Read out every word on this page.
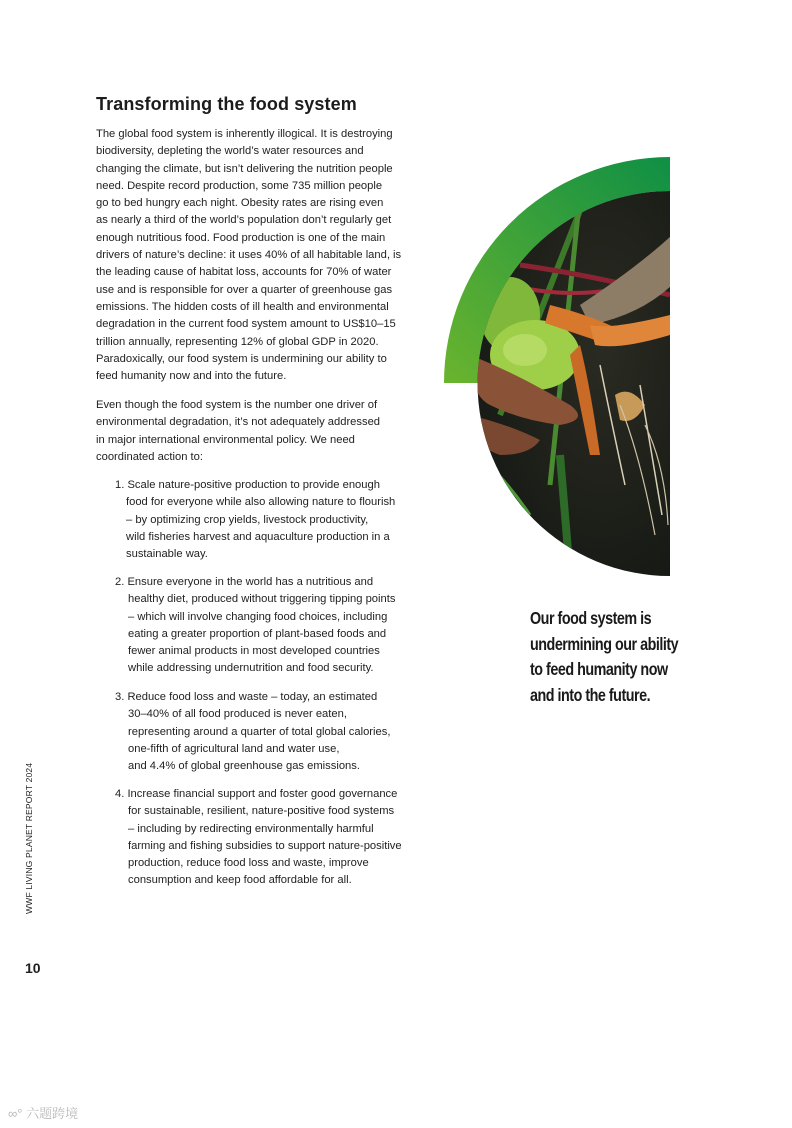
Transforming the food system

The global food system is inherently illogical. It is destroying
biodiversity, depleting the world’s water resources and
changing the climate, but isn’t delivering the nutrition people
need. Despite record production, some 735 million people
go to bed hungry each night. Obesity rates are rising even
as nearly a third of the world’s population don’t regularly get
enough nutritious food. Food production is one of the main
drivers of nature’s decline: it uses 40% of all habitable land, is
the leading cause of habitat loss, accounts for 70% of water
use and is responsible for over a quarter of greenhouse gas
emissions. The hidden costs of ill health and environmental
degradation in the current food system amount to US$10–15
trillion annually, representing 12% of global GDP in 2020.
Paradoxically, our food system is undermining our ability to
feed humanity now and into the future.

Even though the food system is the number one driver of
environmental degradation, it’s not adequately addressed
in major international environmental policy. We need
coordinated action to:

1. Scale nature-positive production to provide enough
food for everyone while also allowing nature to flourish
– by optimizing crop yields, livestock productivity,
wild fisheries harvest and aquaculture production in a
sustainable way.
2. Ensure everyone in the world has a nutritious and
healthy diet, produced without triggering tipping points
– which will involve changing food choices, including
eating a greater proportion of plant-based foods and
fewer animal products in most developed countries
while addressing undernutrition and food security.
3. Reduce food loss and waste – today, an estimated
30–40% of all food produced is never eaten,
representing around a quarter of total global calories,
one-fifth of agricultural land and water use,
and 4.4% of global greenhouse gas emissions.
4. Increase financial support and foster good governance
for sustainable, resilient, nature-positive food systems
– including by redirecting environmentally harmful
farming and fishing subsidies to support nature-positive
production, reduce food loss and waste, improve
consumption and keep food affordable for all.
Our food system is
undermining our ability
to feed humanity now
and into the future.
WWF LIVING PLANET REPORT 2024
10
∞° 六题跨境
